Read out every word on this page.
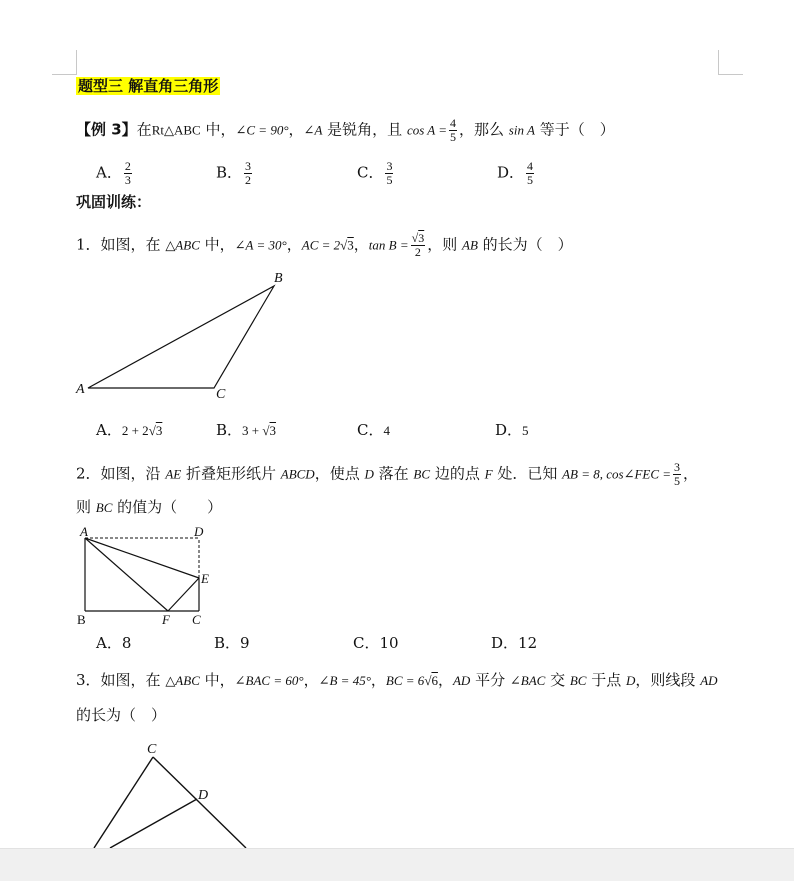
题型三 解直角三角形
【例 3】在Rt△ABC 中，∠C = 90°，∠A 是锐角，且 $\cos A = \frac{4}{5}$ ，那么 sin A 等于（　）
A． $\frac{2}{3}$	B． $\frac{3}{2}$	C． $\frac{3}{5}$	D． $\frac{4}{5}$
巩固训练：
1．如图，在 △ABC 中，∠A = 30°，AC = 2√3，$\tan B = \frac{√3}{2}$ ，则 AB 的长为（　）
A
B
C
A．2 + 2√3	B．3 + √3	C．4	D．5
2．如图，沿 AE 折叠矩形纸片 ABCD，使点 D 落在 BC 边的点 F 处．已知 AB = 8, cos∠FEC = $\frac{3}{5}$ ，
则 BC 的值为（　　）
A	D
E
B	F C
A．8	B．9	C．10	D．12
3．如图，在 △ABC 中，∠BAC = 60°，∠B = 45°，BC = 6√6，AD 平分 ∠BAC 交 BC 于点 D，则线段 AD
的长为（　）
C
D
